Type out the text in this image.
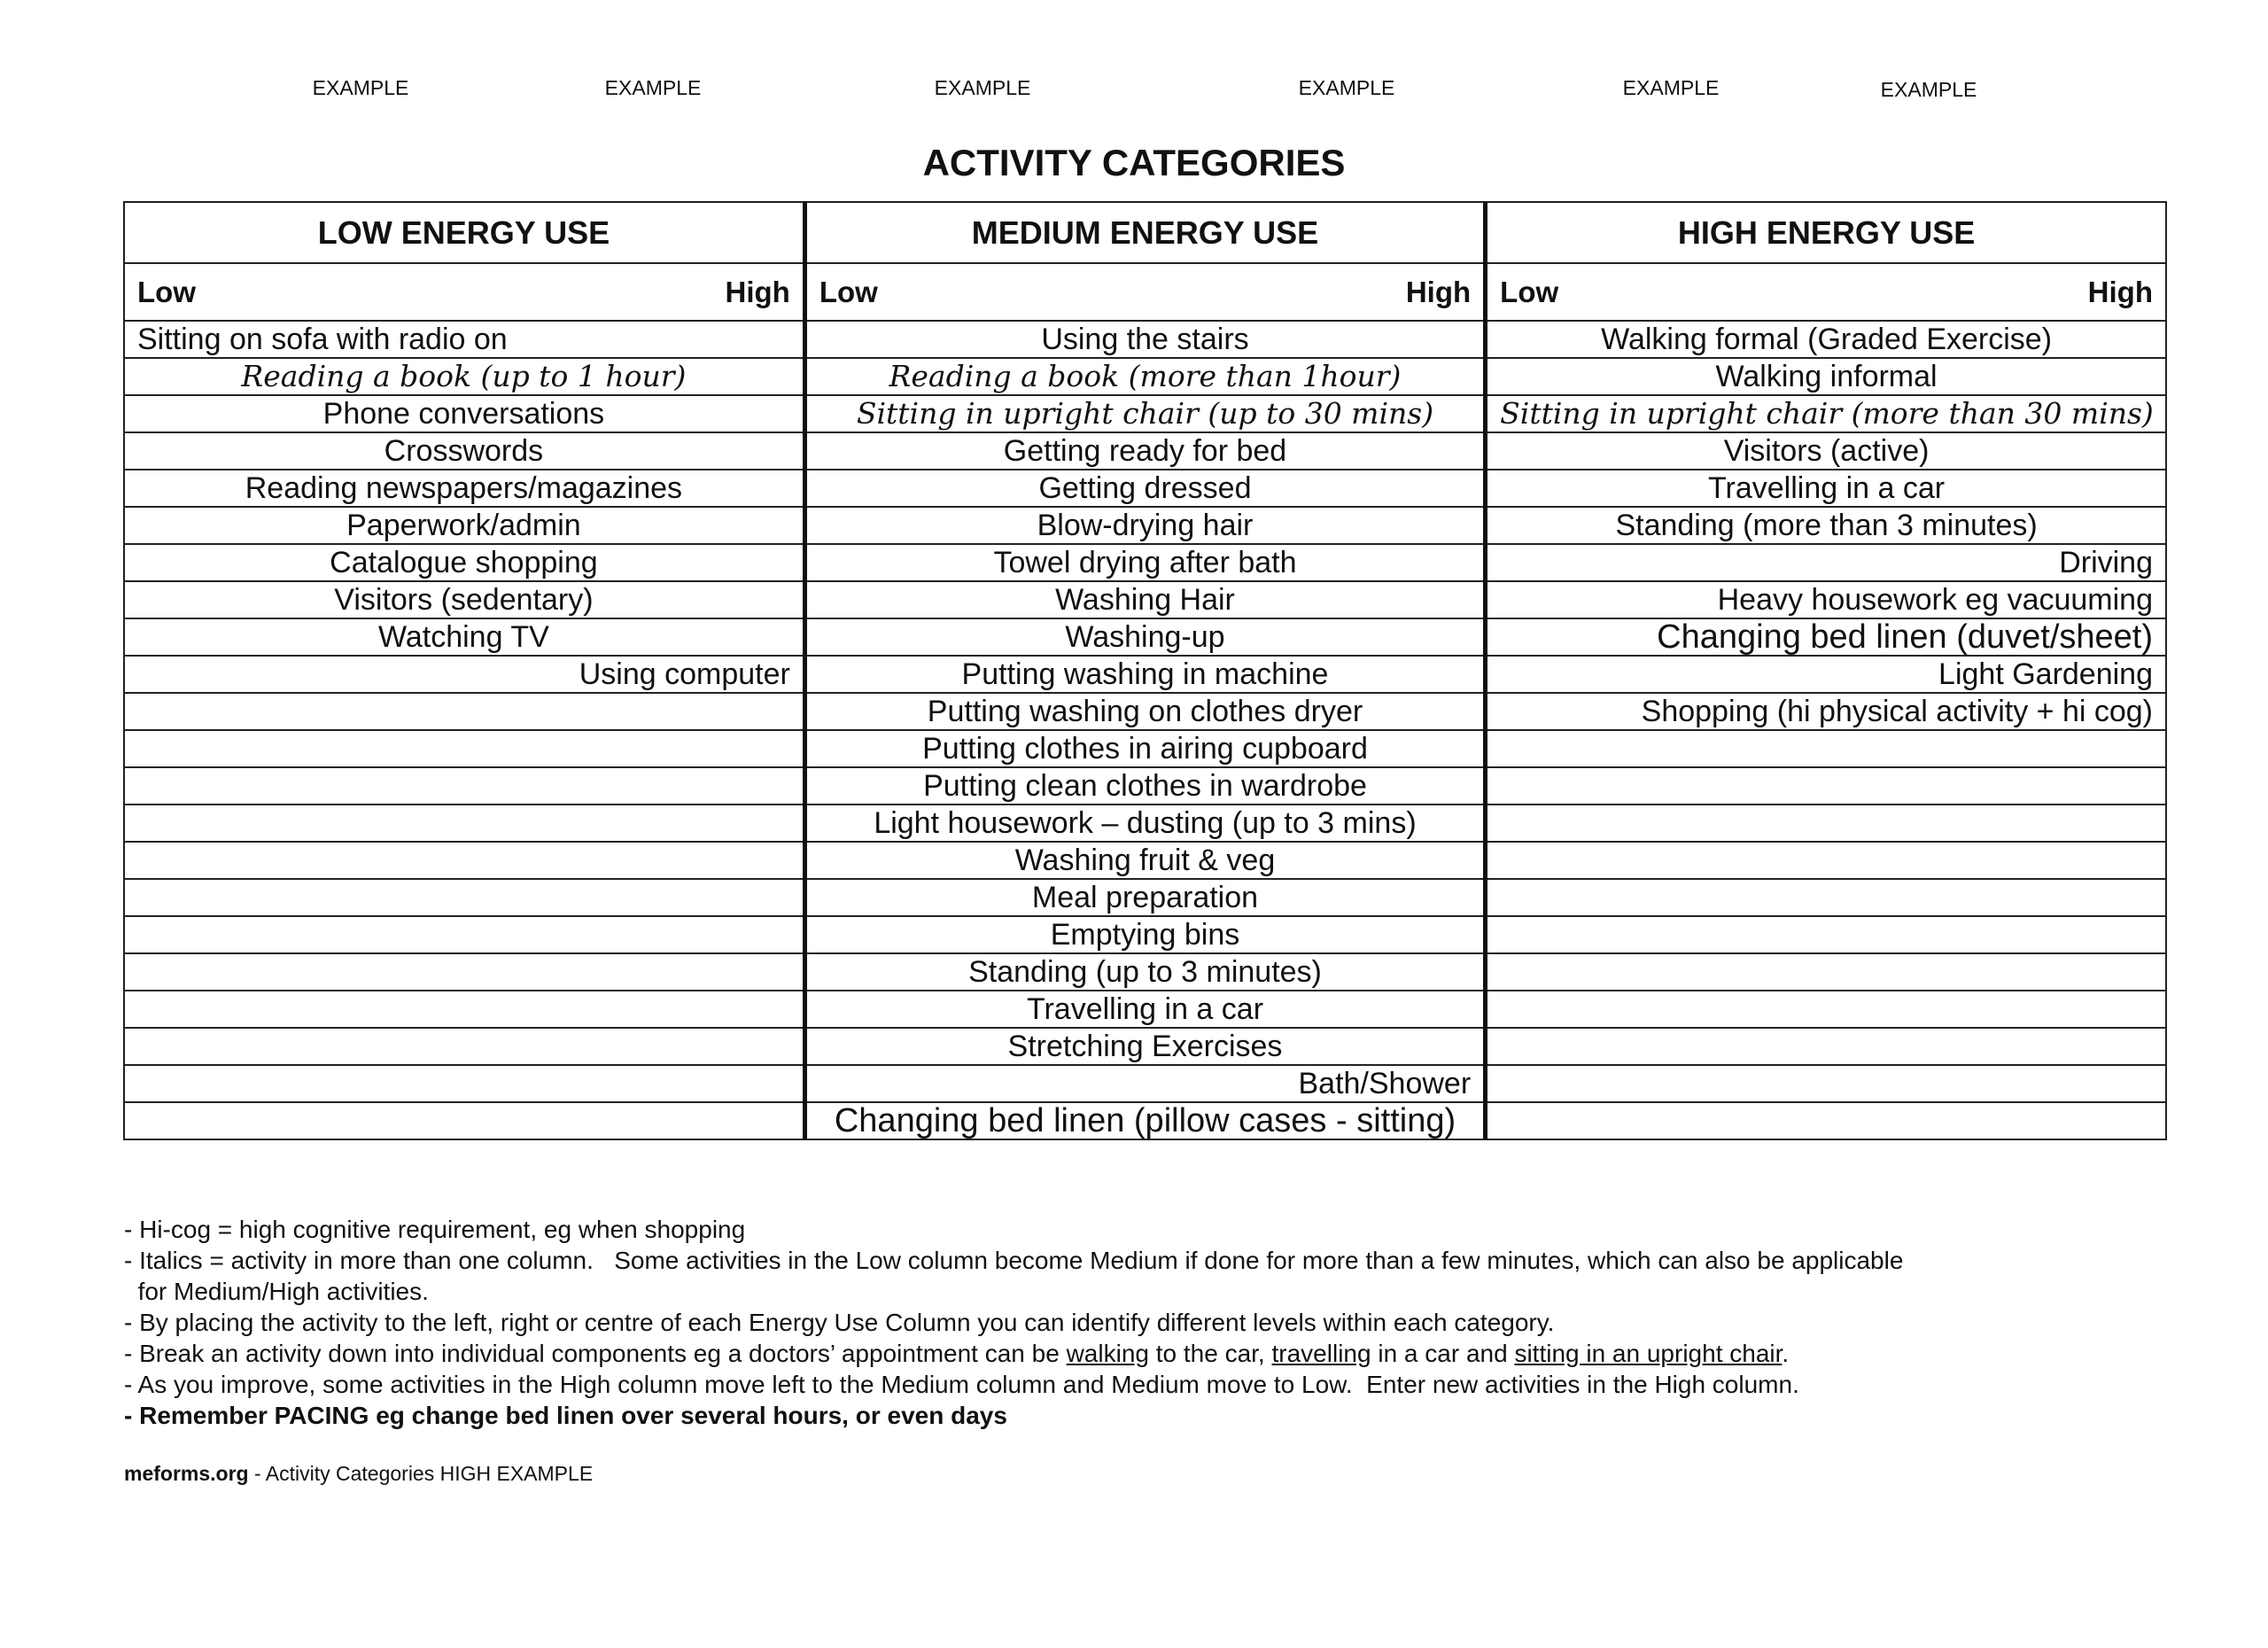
EXAMPLE	EXAMPLE	EXAMPLE	EXAMPLE	EXAMPLE	EXAMPLE
ACTIVITY CATEGORIES
LOW ENERGY USE	MEDIUM ENERGY USE	HIGH ENERGY USE
Low High	Low High	Low High

Sitting on sofa with radio on	Using the stairs	Walking formal (Graded Exercise)
Reading a book (up to 1 hour)	Reading a book (more than 1hour)	Walking informal
Phone conversations	Sitting in upright chair (up to 30 mins)	Sitting in upright chair (more than 30 mins)
Crosswords	Getting ready for bed	Visitors (active)
Reading newspapers/magazines	Getting dressed	Travelling in a car
Paperwork/admin	Blow-drying hair	Standing (more than 3 minutes)
Catalogue shopping	Towel drying after bath	Driving
Visitors (sedentary)	Washing Hair	Heavy housework eg vacuuming
Watching TV	Washing-up	Changing bed linen (duvet/sheet)
Using computer	Putting washing in machine	Light Gardening
	Putting washing on clothes dryer	Shopping (hi physical activity + hi cog)
	Putting clothes in airing cupboard	
	Putting clean clothes in wardrobe	
	Light housework – dusting (up to 3 mins)	
	Washing fruit & veg	
	Meal preparation	
	Emptying bins	
	Standing (up to 3 minutes)	
	Travelling in a car	
	Stretching Exercises	
	Bath/Shower	
	Changing bed linen (pillow cases - sitting)	
- Hi-cog = high cognitive requirement, eg when shopping
- Italics = activity in more than one column.   Some activities in the Low column become Medium if done for more than a few minutes, which can also be applicable
for Medium/High activities.
- By placing the activity to the left, right or centre of each Energy Use Column you can identify different levels within each category.
- Break an activity down into individual components eg a doctors’ appointment can be walking to the car, travelling in a car and sitting in an upright chair.
- As you improve, some activities in the High column move left to the Medium column and Medium move to Low.  Enter new activities in the High column.
- Remember PACING eg change bed linen over several hours, or even days
meforms.org - Activity Categories HIGH EXAMPLE
